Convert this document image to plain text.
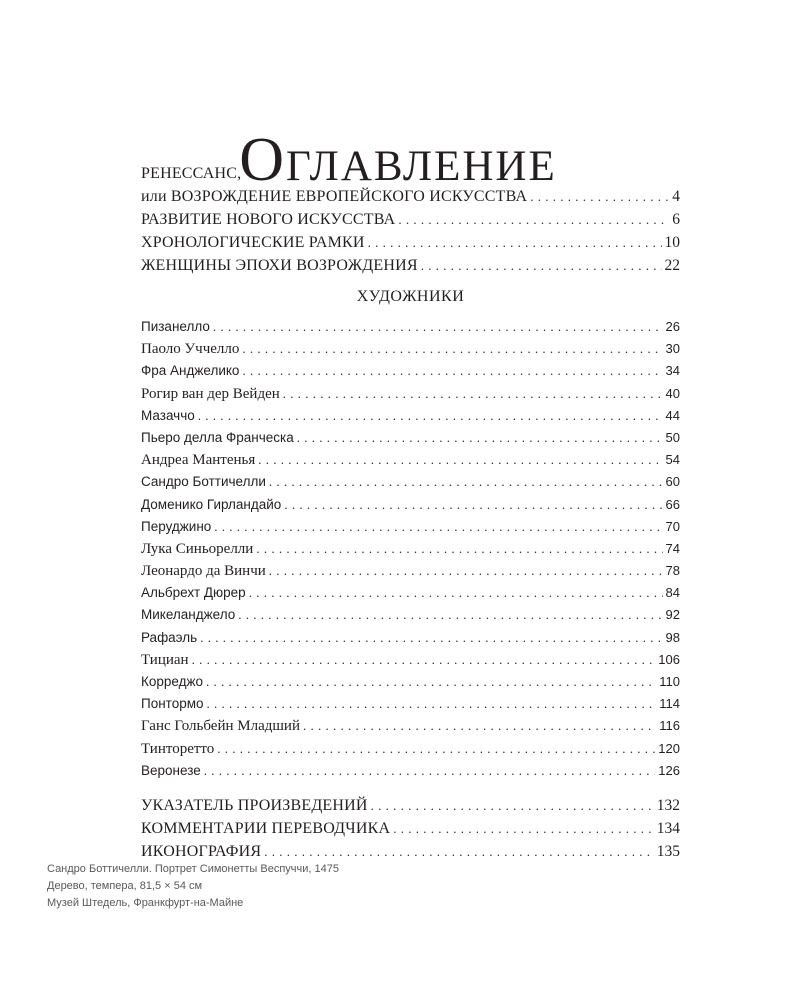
Оглавление
РЕНЕССАНС,
или ВОЗРОЖДЕНИЕ ЕВРОПЕЙСКОГО ИСКУССТВА . . .	4
РАЗВИТИЕ НОВОГО ИСКУССТВА . . .	6
ХРОНОЛОГИЧЕСКИЕ РАМКИ . . .	10
ЖЕНЩИНЫ ЭПОХИ ВОЗРОЖДЕНИЯ . . .	22
ХУДОЖНИКИ
Пизанелло . . .	26
Паоло Уччелло . . .	30
Фра Анджелико . . .	34
Рогир ван дер Вейден . . .	40
Мазаччо . . .	44
Пьеро делла Франческа . . .	50
Андреа Мантенья . . .	54
Сандро Боттичелли . . .	60
Доменико Гирландайо . . .	66
Перуджино . . .	70
Лука Синьорелли . . .	74
Леонардо да Винчи . . .	78
Альбрехт Дюрер . . .	84
Микеланджело . . .	92
Рафаэль . . .	98
Тициан . . .	106
Корреджо . . .	110
Понтормо . . .	114
Ганс Гольбейн Младший . . .	116
Тинторетто . . .	120
Веронезе . . .	126
УКАЗАТЕЛЬ ПРОИЗВЕДЕНИЙ . . .	132
КОММЕНТАРИИ ПЕРЕВОДЧИКА . . .	134
ИКОНОГРАФИЯ . . .	135
Сандро Боттичелли. Портрет Симонетты Веспуччи, 1475
Дерево, темпера, 81,5 × 54 см
Музей Штедель, Франкфурт-на-Майне
